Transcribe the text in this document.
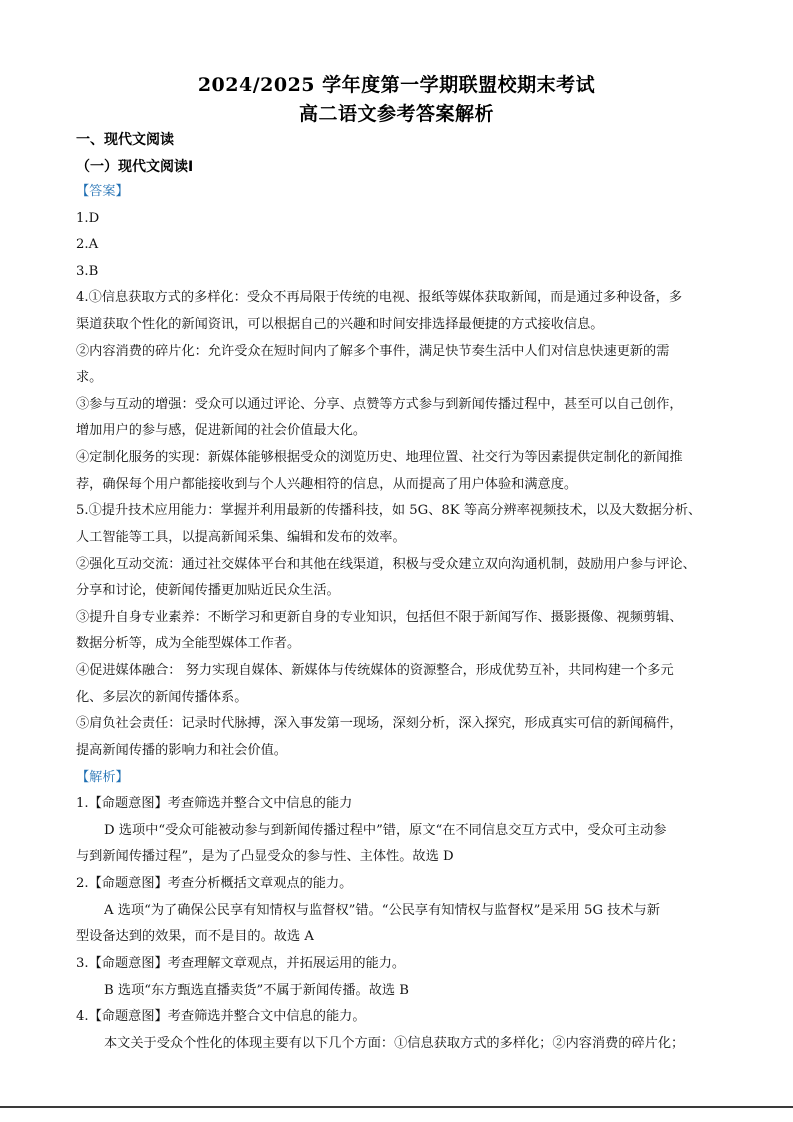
2024/2025 学年度第一学期联盟校期末考试
高二语文参考答案解析
一、现代文阅读
（一）现代文阅读Ⅰ
【答案】
1.D
2.A
3.B
4.①信息获取方式的多样化：受众不再局限于传统的电视、报纸等媒体获取新闻，而是通过多种设备，多
渠道获取个性化的新闻资讯，可以根据自己的兴趣和时间安排选择最便捷的方式接收信息。
②内容消费的碎片化：允许受众在短时间内了解多个事件，满足快节奏生活中人们对信息快速更新的需
求。
③参与互动的增强：受众可以通过评论、分享、点赞等方式参与到新闻传播过程中，甚至可以自己创作，
增加用户的参与感，促进新闻的社会价值最大化。
④定制化服务的实现：新媒体能够根据受众的浏览历史、地理位置、社交行为等因素提供定制化的新闻推
荐，确保每个用户都能接收到与个人兴趣相符的信息，从而提高了用户体验和满意度。
5.①提升技术应用能力：掌握并利用最新的传播科技，如 5G、8K 等高分辨率视频技术，以及大数据分析、
人工智能等工具，以提高新闻采集、编辑和发布的效率。
②强化互动交流：通过社交媒体平台和其他在线渠道，积极与受众建立双向沟通机制，鼓励用户参与评论、
分享和讨论，使新闻传播更加贴近民众生活。
③提升自身专业素养：不断学习和更新自身的专业知识，包括但不限于新闻写作、摄影摄像、视频剪辑、
数据分析等，成为全能型媒体工作者。
④促进媒体融合： 努力实现自媒体、新媒体与传统媒体的资源整合，形成优势互补，共同构建一个多元
化、多层次的新闻传播体系。
⑤肩负社会责任：记录时代脉搏，深入事发第一现场，深刻分析，深入探究，形成真实可信的新闻稿件，
提高新闻传播的影响力和社会价值。
【解析】
1.【命题意图】考查筛选并整合文中信息的能力
D 选项中“受众可能被动参与到新闻传播过程中”错，原文“在不同信息交互方式中，受众可主动参
与到新闻传播过程”，是为了凸显受众的参与性、主体性。故选 D
2.【命题意图】考查分析概括文章观点的能力。
A 选项“为了确保公民享有知情权与监督权”错。“公民享有知情权与监督权”是采用 5G 技术与新
型设备达到的效果，而不是目的。故选 A
3.【命题意图】考查理解文章观点，并拓展运用的能力。
B 选项“东方甄选直播卖货”不属于新闻传播。故选 B
4.【命题意图】考查筛选并整合文中信息的能力。
本文关于受众个性化的体现主要有以下几个方面：①信息获取方式的多样化；②内容消费的碎片化；
